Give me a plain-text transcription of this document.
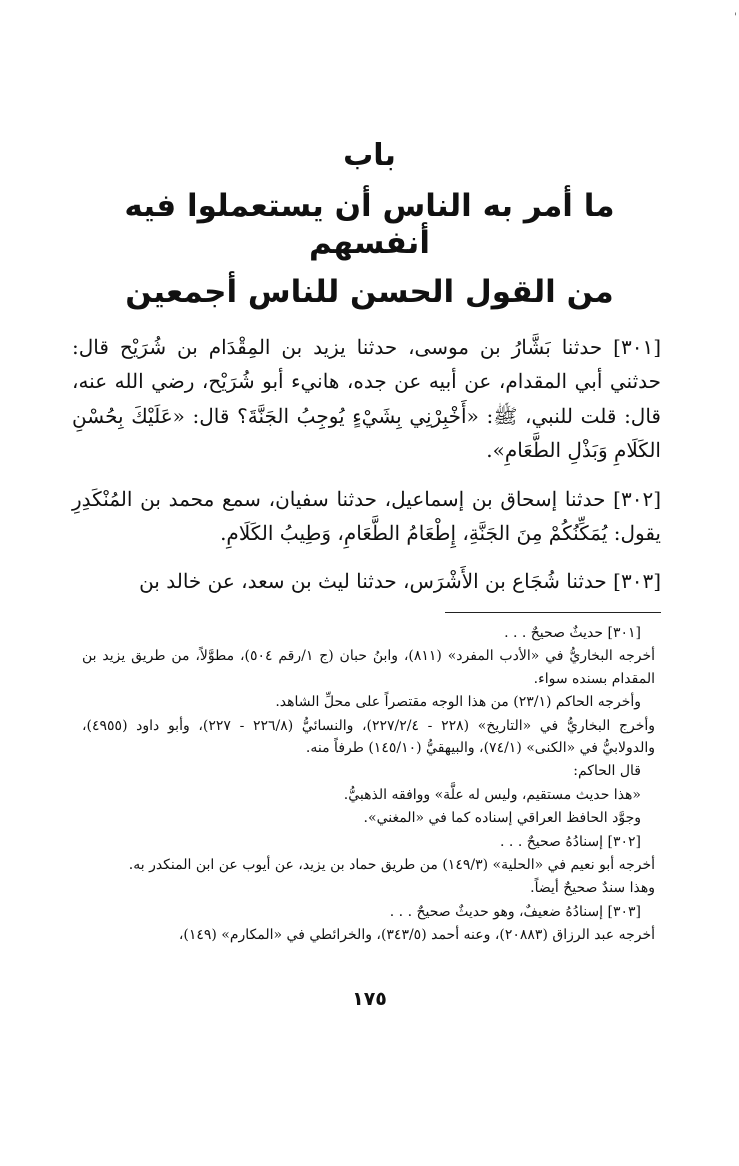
'
باب
ما أمر به الناس أن يستعملوا فيه أنفسهم
من القول الحسن للناس أجمعين

[٣٠١] حدثنا بَشَّارُ بن موسى، حدثنا يزيد بن المِقْدَام بن شُرَيْح قال: حدثني أبي المقدام، عن أبيه عن جده، هانيء أبو شُرَيْح، رضي الله عنه، قال: قلت للنبي، ﷺ: «أَخْبِرْنِي بِشَيْءٍ يُوجِبُ الجَنَّةَ؟ قال: «عَلَيْكَ بِحُسْنِ الكَلَامِ وَبَذْلِ الطَّعَامِ».

[٣٠٢] حدثنا إسحاق بن إسماعيل، حدثنا سفيان، سمع محمد بن المُنْكَدِرِ يقول: يُمَكِّنُكُمْ مِنَ الجَنَّةِ، إِطْعَامُ الطَّعَامِ، وَطِيبُ الكَلَامِ.

[٣٠٣] حدثنا شُجَاع بن الأَشْرَس، حدثنا ليث بن سعد، عن خالد بن

[٣٠١] حديثٌ صحيحٌ . . .
أخرجه البخاريُّ في «الأدب المفرد» (٨١١)، وابنُ حبان (ج ١/رقم ٥٠٤)، مطوَّلاً، من طريق يزيد بن المقدام بسنده سواء.
وأخرجه الحاكم (٢٣/١) من هذا الوجه مقتصراً على محلِّ الشاهد.
وأخرج البخاريُّ في «التاريخ» (٢٢٨ - ٢٢٧/٢/٤)، والنسائيُّ (٢٢٦/٨ - ٢٢٧)، وأبو داود (٤٩٥٥)، والدولابيُّ في «الكنى» (٧٤/١)، والبيهقيُّ (١٤٥/١٠) طرفاً منه.
قال الحاكم:
«هذا حديث مستقيم، وليس له علَّة» ووافقه الذهبيُّ.
وجوَّد الحافظ العراقي إسناده كما في «المغني».
[٣٠٢] إسنادُهُ صحيحٌ . . .
أخرجه أبو نعيم في «الحلية» (١٤٩/٣) من طريق حماد بن يزيد، عن أيوب عن ابن المنكدر به.
وهذا سندٌ صحيحٌ أيضاً.
[٣٠٣] إسنادُهُ ضعيفٌ، وهو حديثٌ صحيحٌ . . .
أخرجه عبد الرزاق (٢٠٨٨٣)، وعنه أحمد (٣٤٣/٥)، والخرائطي في «المكارم» (١٤٩)،
١٧٥
